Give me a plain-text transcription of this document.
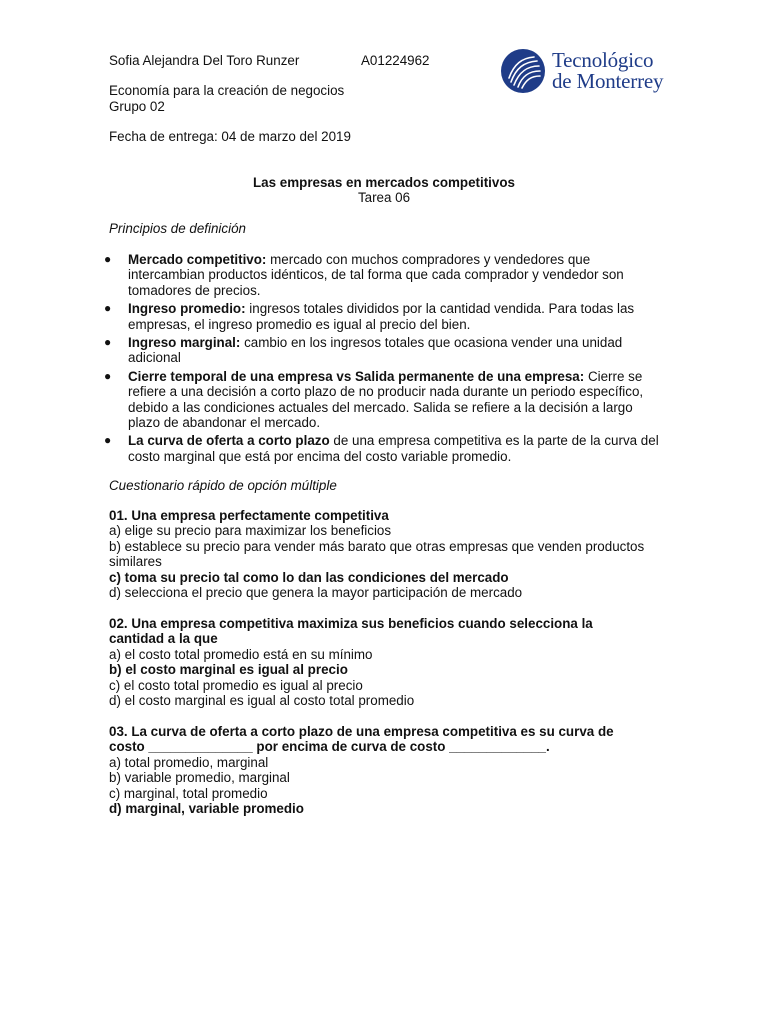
Sofia Alejandra Del Toro Runzer	A01224962
Economía para la creación de negocios
Grupo 02
Fecha de entrega: 04 de marzo del 2019
Tecnológico
de Monterrey
Las empresas en mercados competitivos
Tarea 06
Principios de definición
● Mercado competitivo: mercado con muchos compradores y vendedores que intercambian productos idénticos, de tal forma que cada comprador y vendedor son tomadores de precios.
● Ingreso promedio: ingresos totales divididos por la cantidad vendida. Para todas las empresas, el ingreso promedio es igual al precio del bien.
● Ingreso marginal: cambio en los ingresos totales que ocasiona vender una unidad adicional
● Cierre temporal de una empresa vs Salida permanente de una empresa: Cierre se refiere a una decisión a corto plazo de no producir nada durante un periodo específico, debido a las condiciones actuales del mercado. Salida se refiere a la decisión a largo plazo de abandonar el mercado.
● La curva de oferta a corto plazo de una empresa competitiva es la parte de la curva del costo marginal que está por encima del costo variable promedio.
Cuestionario rápido de opción múltiple
01. Una empresa perfectamente competitiva
a) elige su precio para maximizar los beneficios
b) establece su precio para vender más barato que otras empresas que venden productos similares
c) toma su precio tal como lo dan las condiciones del mercado
d) selecciona el precio que genera la mayor participación de mercado
02. Una empresa competitiva maximiza sus beneficios cuando selecciona la cantidad a la que
a) el costo total promedio está en su mínimo
b) el costo marginal es igual al precio
c) el costo total promedio es igual al precio
d) el costo marginal es igual al costo total promedio
03. La curva de oferta a corto plazo de una empresa competitiva es su curva de costo ______________ por encima de curva de costo _____________.
a) total promedio, marginal
b) variable promedio, marginal
c) marginal, total promedio
d) marginal, variable promedio
